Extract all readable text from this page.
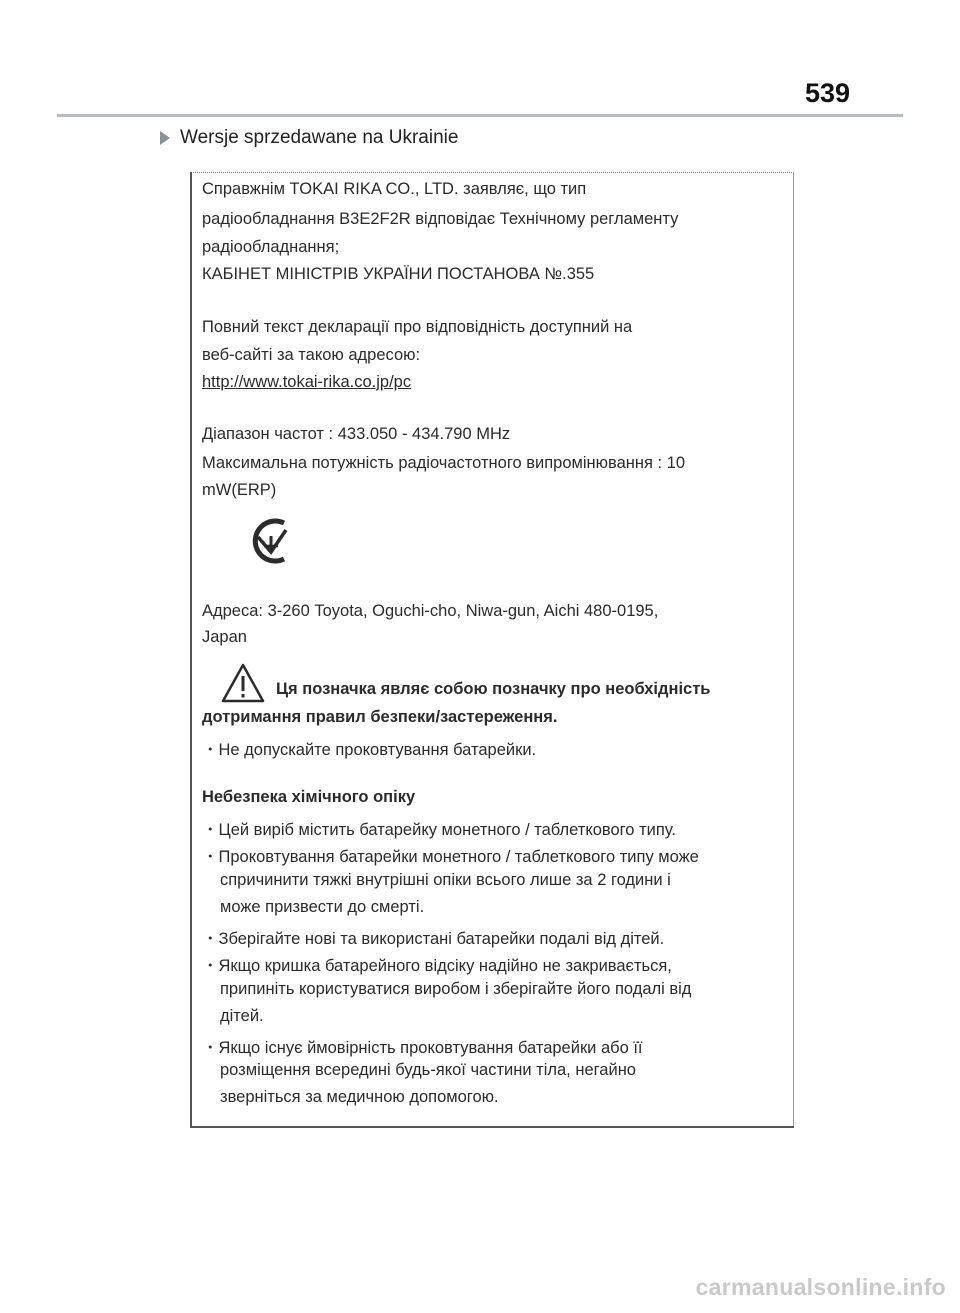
539
Wersje sprzedawane na Ukrainie
Справжнім TOKAI RIKA CO., LTD. заявляє, що тип
радіообладнання B3E2F2R відповідає Технічному регламенту
радіообладнання;
КАБІНЕТ МІНІСТРІВ УКРАЇНИ ПОСТАНОВА №.355
Повний текст декларації про відповідність доступний на
веб-сайті за такою адресою:
http://www.tokai-rika.co.jp/pc
Діапазон частот : 433.050 - 434.790 MHz
Максимальна потужність радіочастотного випромінювання : 10
mW(ERP)
Адреса: 3-260 Toyota, Oguchi-cho, Niwa-gun, Aichi 480-0195,
Japan
Ця позначка являє собою позначку про необхідність
дотримання правил безпеки/застереження.
・Не допускайте проковтування батарейки.
Небезпека хімічного опіку
・Цей виріб містить батарейку монетного / таблеткового типу.
・Проковтування батарейки монетного / таблеткового типу може
спричинити тяжкі внутрішні опіки всього лише за 2 години і
може призвести до смерті.
・Зберігайте нові та використані батарейки подалі від дітей.
・Якщо кришка батарейного відсіку надійно не закривається,
припиніть користуватися виробом і зберігайте його подалі від
дітей.
・Якщо існує ймовірність проковтування батарейки або її
розміщення всередині будь-якої частини тіла, негайно
зверніться за медичною допомогою.
carmanualsonline.info
